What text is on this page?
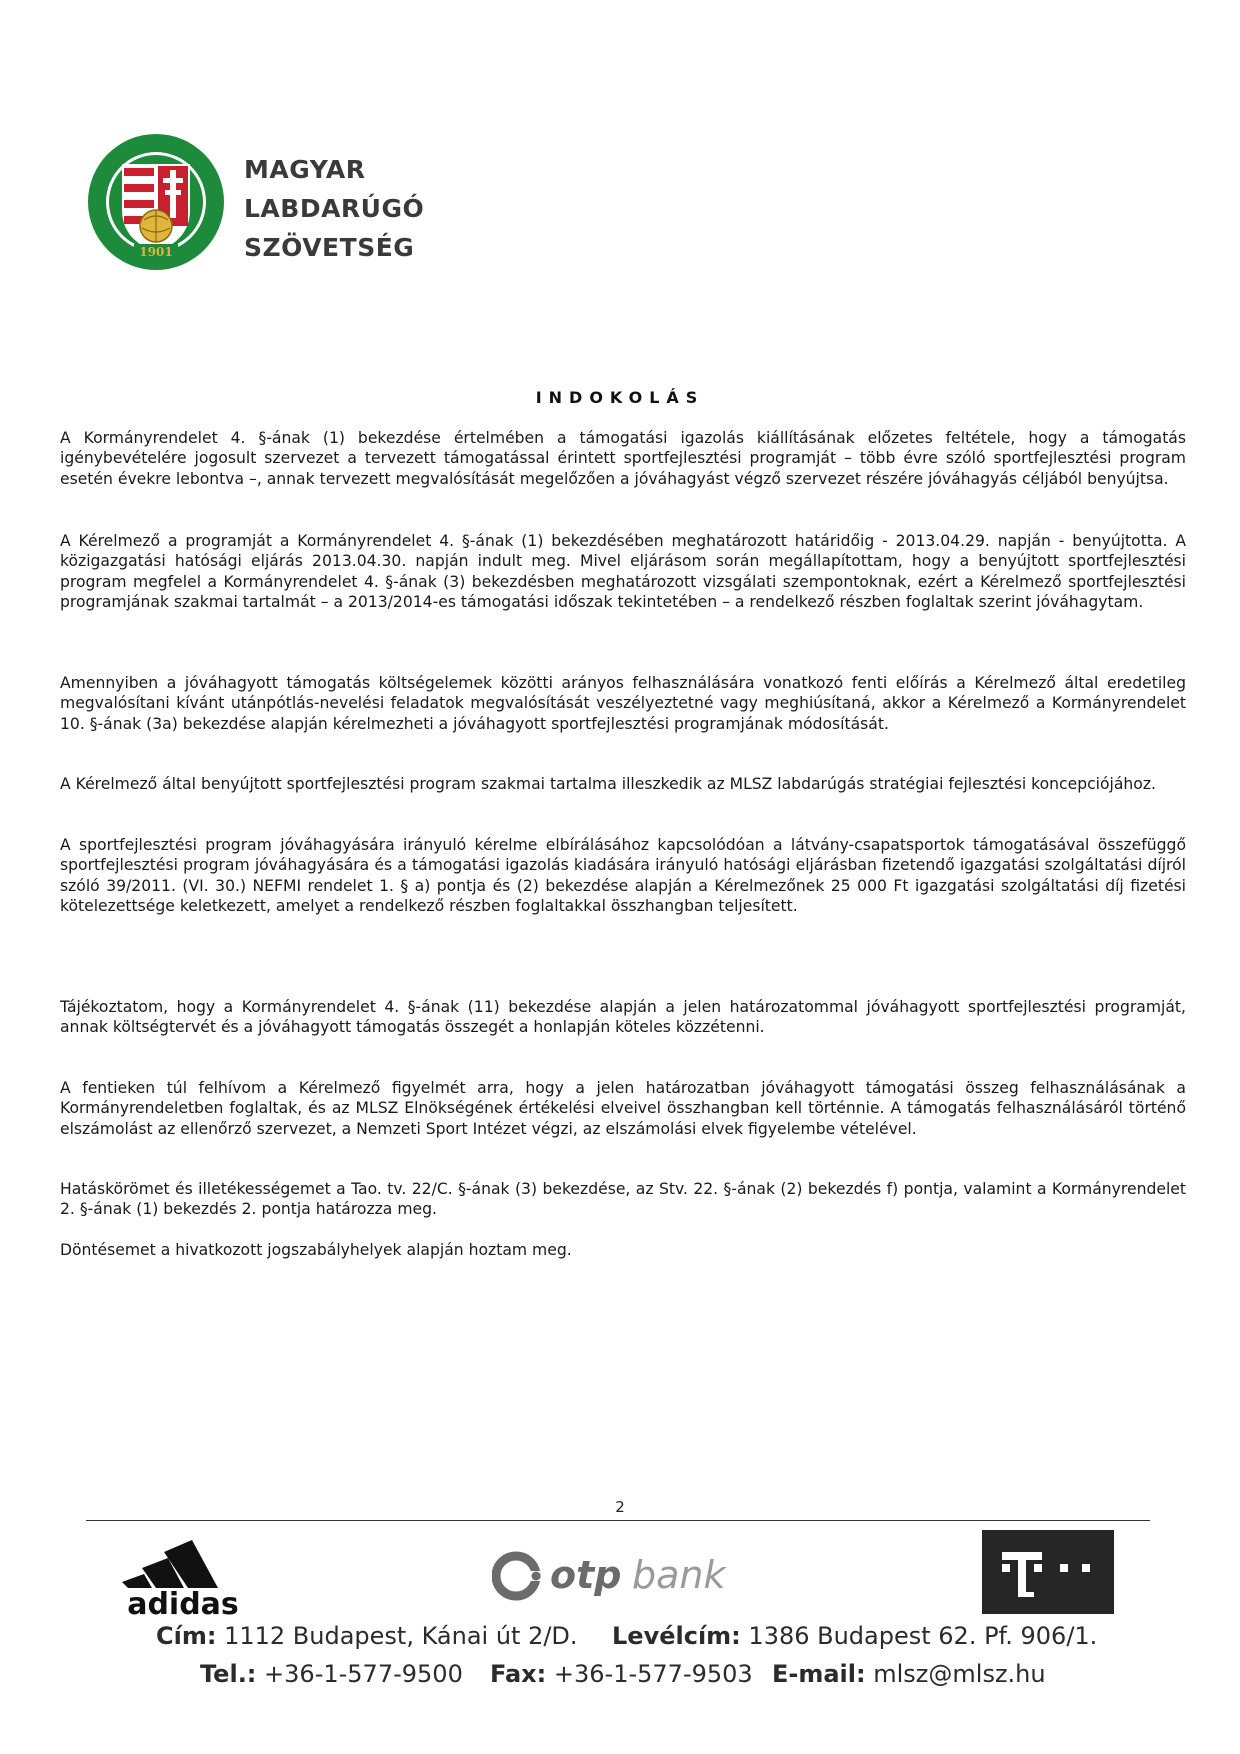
1901
MAGYAR
LABDARÚGÓ
SZÖVETSÉG
INDOKOLÁS

A Kormányrendelet 4. §-ának (1) bekezdése értelmében a támogatási igazolás kiállításának előzetes feltétele, hogy a támogatás igénybevételére jogosult szervezet a tervezett támogatással érintett sportfejlesztési programját – több évre szóló sportfejlesztési program esetén évekre lebontva –, annak tervezett megvalósítását megelőzően a jóváhagyást végző szervezet részére jóváhagyás céljából benyújtsa.

A Kérelmező a programját a Kormányrendelet 4. §-ának (1) bekezdésében meghatározott határidőig - 2013.04.29. napján - benyújtotta. A közigazgatási hatósági eljárás 2013.04.30. napján indult meg. Mivel eljárásom során megállapítottam, hogy a benyújtott sportfejlesztési program megfelel a Kormányrendelet 4. §-ának (3) bekezdésben meghatározott vizsgálati szempontoknak, ezért a Kérelmező sportfejlesztési programjának szakmai tartalmát – a 2013/2014-es támogatási időszak tekintetében – a rendelkező részben foglaltak szerint jóváhagytam.

Amennyiben a jóváhagyott támogatás költségelemek közötti arányos felhasználására vonatkozó fenti előírás a Kérelmező által eredetileg megvalósítani kívánt utánpótlás-nevelési feladatok megvalósítását veszélyeztetné vagy meghiúsítaná, akkor a Kérelmező a Kormányrendelet 10. §-ának (3a) bekezdése alapján kérelmezheti a jóváhagyott sportfejlesztési programjának módosítását.

A Kérelmező által benyújtott sportfejlesztési program szakmai tartalma illeszkedik az MLSZ labdarúgás stratégiai fejlesztési koncepciójához.

A sportfejlesztési program jóváhagyására irányuló kérelme elbírálásához kapcsolódóan a látvány-csapatsportok támogatásával összefüggő sportfejlesztési program jóváhagyására és a támogatási igazolás kiadására irányuló hatósági eljárásban fizetendő igazgatási szolgáltatási díjról szóló 39/2011. (VI. 30.) NEFMI rendelet 1. § a) pontja és (2) bekezdése alapján a Kérelmezőnek 25 000 Ft igazgatási szolgáltatási díj fizetési kötelezettsége keletkezett, amelyet a rendelkező részben foglaltakkal összhangban teljesített.

Tájékoztatom, hogy a Kormányrendelet 4. §-ának (11) bekezdése alapján a jelen határozatommal jóváhagyott sportfejlesztési programját, annak költségtervét és a jóváhagyott támogatás összegét a honlapján köteles közzétenni.

A fentieken túl felhívom a Kérelmező figyelmét arra, hogy a jelen határozatban jóváhagyott támogatási összeg felhasználásának a Kormányrendeletben foglaltak, és az MLSZ Elnökségének értékelési elveivel összhangban kell történnie. A támogatás felhasználásáról történő elszámolást az ellenőrző szervezet, a Nemzeti Sport Intézet végzi, az elszámolási elvek figyelembe vételével.

Hatáskörömet és illetékességemet a Tao. tv. 22/C. §-ának (3) bekezdése, az Stv. 22. §-ának (2) bekezdés f) pontja, valamint a Kormányrendelet 2. §-ának (1) bekezdés 2. pontja határozza meg.

Döntésemet a hivatkozott jogszabályhelyek alapján hoztam meg.

2
adidas
otp bank
Cím: 1112 Budapest, Kánai út 2/D. Levélcím: 1386 Budapest 62. Pf. 906/1.
Tel.: +36-1-577-9500 Fax: +36-1-577-9503 E-mail: mlsz@mlsz.hu
